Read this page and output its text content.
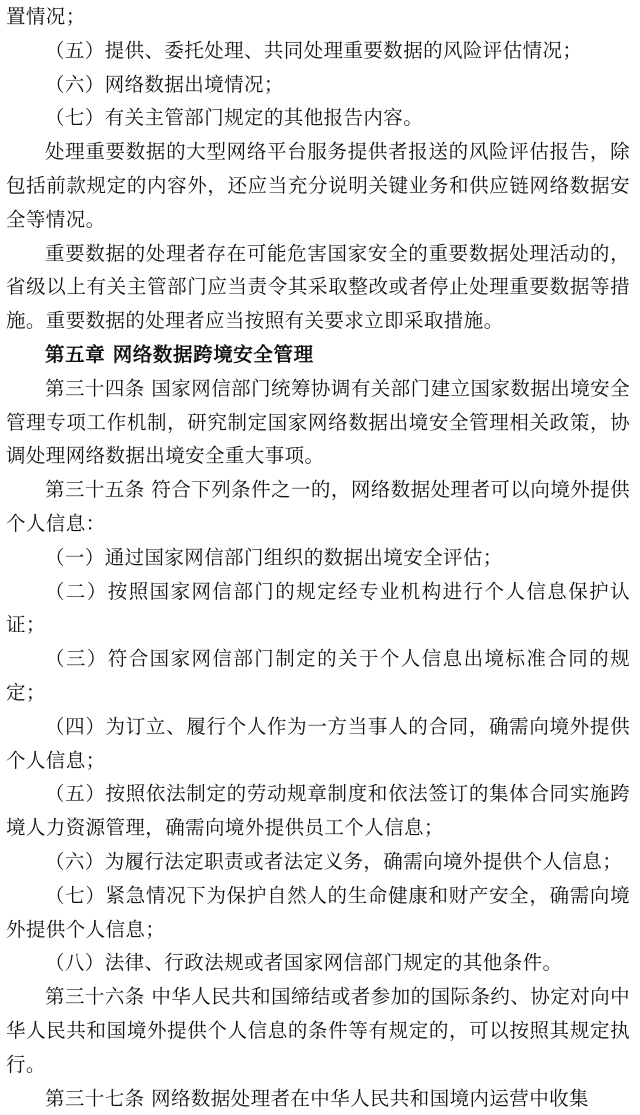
置情况；

（五）提供、委托处理、共同处理重要数据的风险评估情况；

（六）网络数据出境情况；

（七）有关主管部门规定的其他报告内容。

处理重要数据的大型网络平台服务提供者报送的风险评估报告，除包括前款规定的内容外，还应当充分说明关键业务和供应链网络数据安全等情况。

重要数据的处理者存在可能危害国家安全的重要数据处理活动的，省级以上有关主管部门应当责令其采取整改或者停止处理重要数据等措施。重要数据的处理者应当按照有关要求立即采取措施。

第五章 网络数据跨境安全管理

第三十四条 国家网信部门统筹协调有关部门建立国家数据出境安全管理专项工作机制，研究制定国家网络数据出境安全管理相关政策，协调处理网络数据出境安全重大事项。

第三十五条 符合下列条件之一的，网络数据处理者可以向境外提供个人信息：

（一）通过国家网信部门组织的数据出境安全评估；

（二）按照国家网信部门的规定经专业机构进行个人信息保护认证；

（三）符合国家网信部门制定的关于个人信息出境标准合同的规定；

（四）为订立、履行个人作为一方当事人的合同，确需向境外提供个人信息；

（五）按照依法制定的劳动规章制度和依法签订的集体合同实施跨境人力资源管理，确需向境外提供员工个人信息；

（六）为履行法定职责或者法定义务，确需向境外提供个人信息；

（七）紧急情况下为保护自然人的生命健康和财产安全，确需向境外提供个人信息；

（八）法律、行政法规或者国家网信部门规定的其他条件。

第三十六条 中华人民共和国缔结或者参加的国际条约、协定对向中华人民共和国境外提供个人信息的条件等有规定的，可以按照其规定执行。

第三十七条 网络数据处理者在中华人民共和国境内运营中收集
